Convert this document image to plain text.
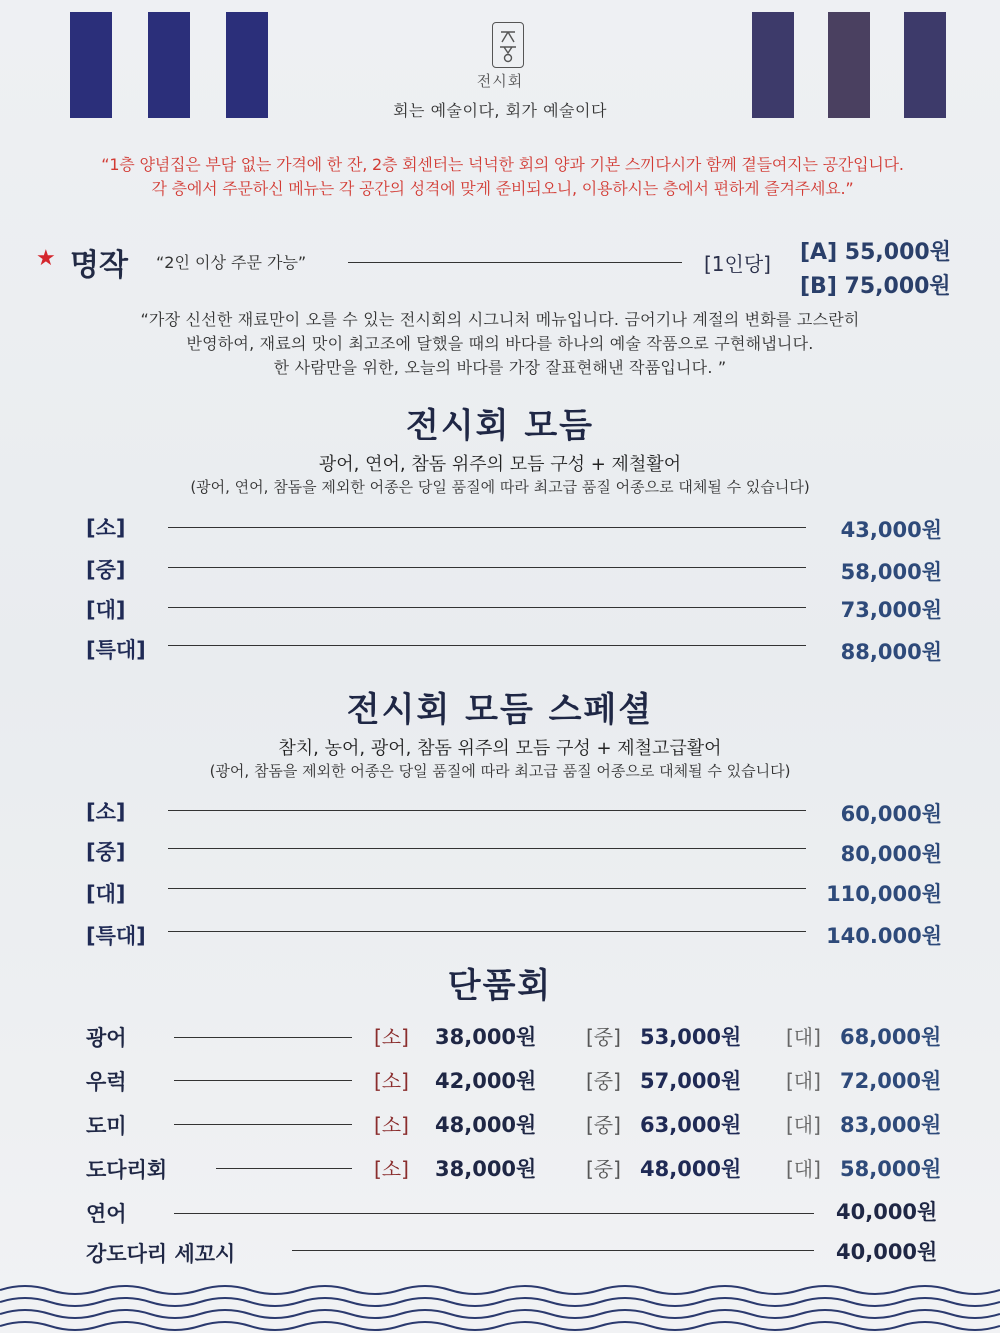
전시회
회는 예술이다, 회가 예술이다
“1층 양념집은 부담 없는 가격에 한 잔, 2층 회센터는 넉넉한 회의 양과 기본 스끼다시가 함께 곁들여지는 공간입니다.
각 층에서 주문하신 메뉴는 각 공간의 성격에 맞게 준비되오니, 이용하시는 층에서 편하게 즐겨주세요.”
★ 명작 “2인 이상 주문 가능”	[1인당] [A] 55,000원
[B] 75,000원
“가장 신선한 재료만이 오를 수 있는 전시회의 시그니처 메뉴입니다. 금어기나 계절의 변화를 고스란히
반영하여, 재료의 맛이 최고조에 달했을 때의 바다를 하나의 예술 작품으로 구현해냅니다.
한 사람만을 위한, 오늘의 바다를 가장 잘표현해낸 작품입니다. ”
전시회 모듬
광어, 연어, 참돔 위주의 모듬 구성 + 제철활어
(광어, 연어, 참돔을 제외한 어종은 당일 품질에 따라 최고급 품질 어종으로 대체될 수 있습니다)
[소]	43,000원
[중]	58,000원
[대]	73,000원
[특대]	88,000원
전시회 모듬 스페셜
참치, 농어, 광어, 참돔 위주의 모듬 구성 + 제철고급활어
(광어, 참돔을 제외한 어종은 당일 품질에 따라 최고급 품질 어종으로 대체될 수 있습니다)
[소]	60,000원
[중]	80,000원
[대]	110,000원
[특대]	140.000원
단품회
광어	[소] 38,000원 [중] 53,000원 [대] 68,000원
우럭	[소] 42,000원 [중] 57,000원 [대] 72,000원
도미	[소] 48,000원 [중] 63,000원 [대] 83,000원
도다리회	[소] 38,000원 [중] 48,000원 [대] 58,000원
연어	40,000원
강도다리 세꼬시	40,000원
